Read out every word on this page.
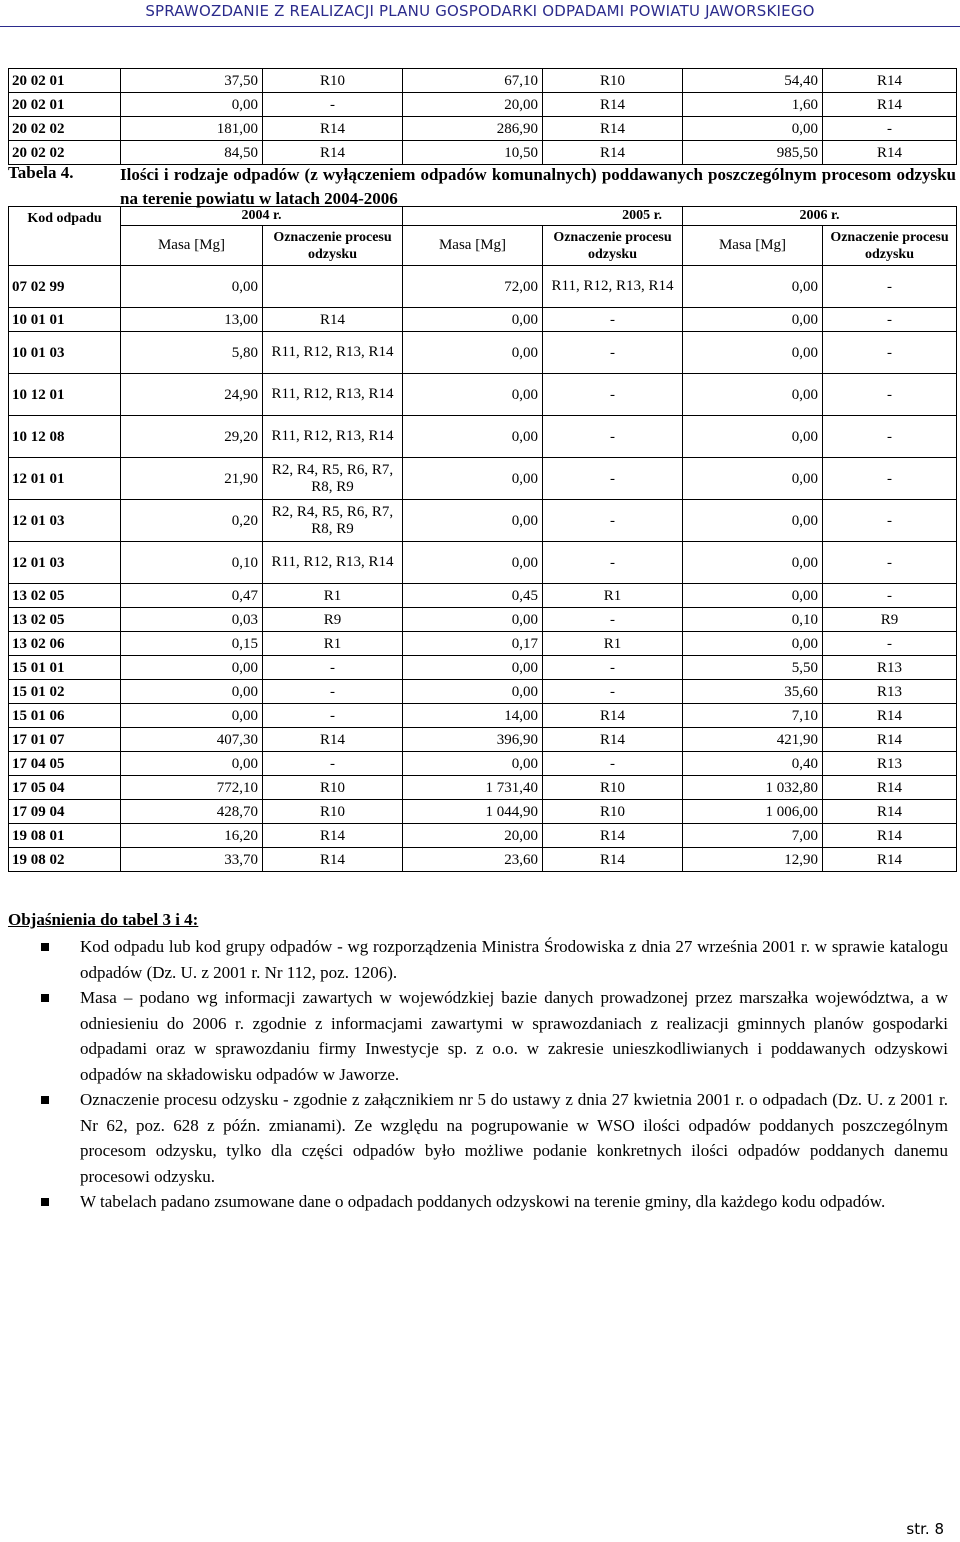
SPRAWOZDANIE Z REALIZACJI PLANU GOSPODARKI ODPADAMI POWIATU JAWORSKIEGO
20 02 01	37,50	R10	67,10	R10	54,40	R14
20 02 01	0,00	-	20,00	R14	1,60	R14
20 02 02	181,00	R14	286,90	R14	0,00	-
20 02 02	84,50	R14	10,50	R14	985,50	R14
Tabela 4.	Ilości i rodzaje odpadów (z wyłączeniem odpadów komunalnych) poddawanych poszczególnym procesom odzysku na terenie powiatu w latach 2004-2006
Kod odpadu	2004 r.		2005 r.		2006 r.	
	Masa [Mg]	Oznaczenie procesu odzysku	Masa [Mg]	Oznaczenie procesu odzysku	Masa [Mg]	Oznaczenie procesu odzysku
07 02 99	0,00		72,00	R11, R12, R13, R14	0,00	-
10 01 01	13,00	R14	0,00	-	0,00	-
10 01 03	5,80	R11, R12, R13, R14	0,00	-	0,00	-
10 12 01	24,90	R11, R12, R13, R14	0,00	-	0,00	-
10 12 08	29,20	R11, R12, R13, R14	0,00	-	0,00	-
12 01 01	21,90	R2, R4, R5, R6, R7, R8, R9	0,00	-	0,00	-
12 01 03	0,20	R2, R4, R5, R6, R7, R8, R9	0,00	-	0,00	-
12 01 03	0,10	R11, R12, R13, R14	0,00	-	0,00	-
13 02 05	0,47	R1	0,45	R1	0,00	-
13 02 05	0,03	R9	0,00	-	0,10	R9
13 02 06	0,15	R1	0,17	R1	0,00	-
15 01 01	0,00	-	0,00	-	5,50	R13
15 01 02	0,00	-	0,00	-	35,60	R13
15 01 06	0,00	-	14,00	R14	7,10	R14
17 01 07	407,30	R14	396,90	R14	421,90	R14
17 04 05	0,00	-	0,00	-	0,40	R13
17 05 04	772,10	R10	1 731,40	R10	1 032,80	R14
17 09 04	428,70	R10	1 044,90	R10	1 006,00	R14
19 08 01	16,20	R14	20,00	R14	7,00	R14
19 08 02	33,70	R14	23,60	R14	12,90	R14
Objaśnienia do tabel 3 i 4:
Kod odpadu lub kod grupy odpadów - wg rozporządzenia Ministra Środowiska z dnia 27 września 2001 r. w sprawie katalogu odpadów (Dz. U. z 2001 r. Nr 112, poz. 1206).
Masa – podano wg informacji zawartych w wojewódzkiej bazie danych prowadzonej przez marszałka województwa, a w odniesieniu do 2006 r. zgodnie z informacjami zawartymi w sprawozdaniach z realizacji gminnych planów gospodarki odpadami oraz w sprawozdaniu firmy Inwestycje sp. z o.o. w zakresie unieszkodliwianych i poddawanych odzyskowi odpadów na składowisku odpadów w Jaworze.
Oznaczenie procesu odzysku - zgodnie z załącznikiem nr 5 do ustawy z dnia 27 kwietnia 2001 r. o odpadach (Dz. U. z 2001 r. Nr 62, poz. 628 z późn. zmianami). Ze względu na pogrupowanie w WSO ilości odpadów poddanych poszczególnym procesom odzysku, tylko dla części odpadów było możliwe podanie konkretnych ilości odpadów poddanych danemu procesowi odzysku.
W tabelach padano zsumowane dane o odpadach poddanych odzyskowi na terenie gminy, dla każdego kodu odpadów.
str. 8
